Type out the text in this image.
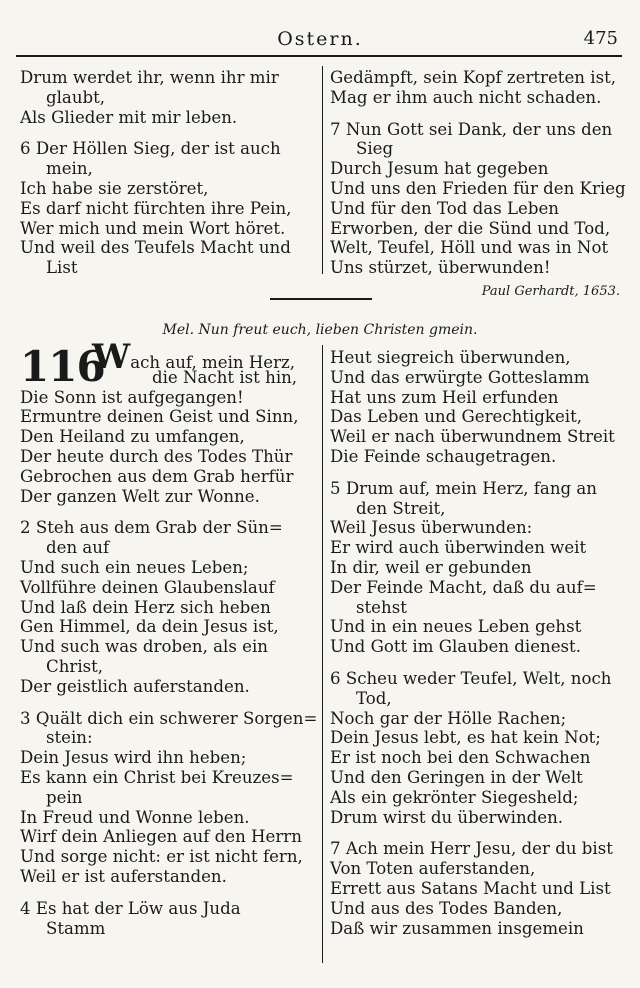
Ostern.	475
Drum werdet ihr, wenn ihr mir
glaubt,
Als Glieder mit mir leben.
6 Der Höllen Sieg, der ist auch
mein,
Ich habe sie zerstöret,
Es darf nicht fürchten ihre Pein,
Wer mich und mein Wort höret.
Und weil des Teufels Macht und
List
Gedämpft, sein Kopf zertreten ist,
Mag er ihm auch nicht schaden.
7 Nun Gott sei Dank, der uns den
Sieg
Durch Jesum hat gegeben
Und uns den Frieden für den Krieg
Und für den Tod das Leben
Erworben, der die Sünd und Tod,
Welt, Teufel, Höll und was in Not
Uns stürzet, überwunden!
Paul Gerhardt, 1653.
Mel. Nun freut euch, lieben Christen gmein.
116
Wach auf, mein Herz,
die Nacht ist hin,
Die Sonn ist aufgegangen!
Ermuntre deinen Geist und Sinn,
Den Heiland zu umfangen,
Der heute durch des Todes Thür
Gebrochen aus dem Grab herfür
Der ganzen Welt zur Wonne.
2 Steh aus dem Grab der Sün=
den auf
Und such ein neues Leben;
Vollführe deinen Glaubenslauf
Und laß dein Herz sich heben
Gen Himmel, da dein Jesus ist,
Und such was droben, als ein
Christ,
Der geistlich auferstanden.
3 Quält dich ein schwerer Sorgen=
stein:
Dein Jesus wird ihn heben;
Es kann ein Christ bei Kreuzes=
pein
In Freud und Wonne leben.
Wirf dein Anliegen auf den Herrn
Und sorge nicht: er ist nicht fern,
Weil er ist auferstanden.
4 Es hat der Löw aus Juda
Stamm
Heut siegreich überwunden,
Und das erwürgte Gotteslamm
Hat uns zum Heil erfunden
Das Leben und Gerechtigkeit,
Weil er nach überwundnem Streit
Die Feinde schaugetragen.
5 Drum auf, mein Herz, fang an
den Streit,
Weil Jesus überwunden:
Er wird auch überwinden weit
In dir, weil er gebunden
Der Feinde Macht, daß du auf=
stehst
Und in ein neues Leben gehst
Und Gott im Glauben dienest.
6 Scheu weder Teufel, Welt, noch
Tod,
Noch gar der Hölle Rachen;
Dein Jesus lebt, es hat kein Not;
Er ist noch bei den Schwachen
Und den Geringen in der Welt
Als ein gekrönter Siegesheld;
Drum wirst du überwinden.
7 Ach mein Herr Jesu, der du bist
Von Toten auferstanden,
Errett aus Satans Macht und List
Und aus des Todes Banden,
Daß wir zusammen insgemein
